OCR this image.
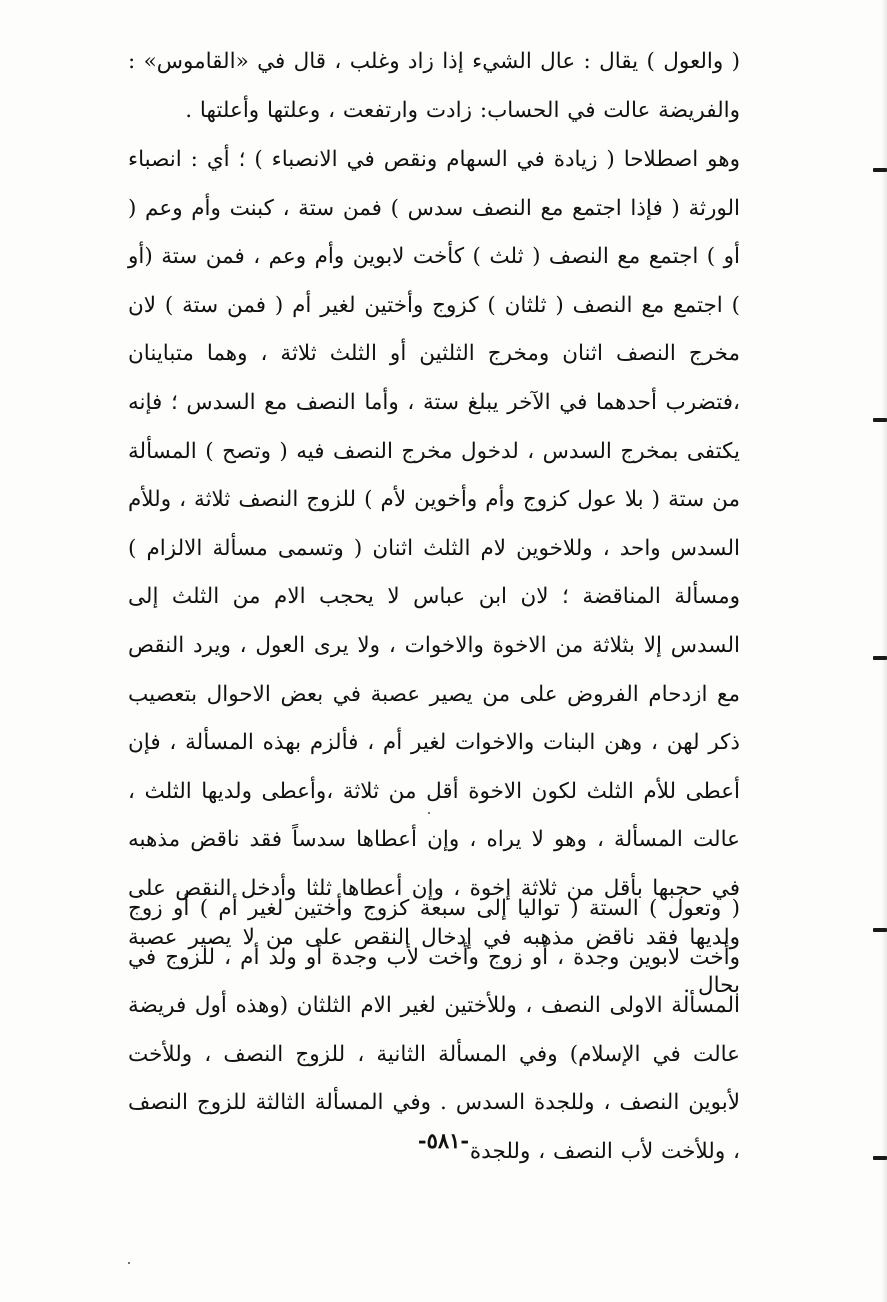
( والعول ) يقال : عال الشيء إذا زاد وغلب ، قال في «القاموس» : والفريضة عالت في الحساب: زادت وارتفعت ، وعلتها وأعلتها .

وهو اصطلاحا ( زيادة في السهام ونقص في الانصباء ) ؛ أي : انصباء الورثة ( فإذا اجتمع مع النصف سدس ) فمن ستة ، كبنت وأم وعم ( أو ) اجتمع مع النصف ( ثلث ) كأخت لابوين وأم وعم ، فمن ستة (أو ) اجتمع مع النصف ( ثلثان ) كزوج وأختين لغير أم ( فمن ستة ) لان مخرج النصف اثنان ومخرج الثلثين أو الثلث ثلاثة ، وهما متباينان ،فتضرب أحدهما في الآخر يبلغ ستة ، وأما النصف مع السدس ؛ فإنه يكتفى بمخرج السدس ، لدخول مخرج النصف فيه ( وتصح ) المسألة من ستة ( بلا عول كزوج وأم وأخوين لأم ) للزوج النصف ثلاثة ، وللأم السدس واحد ، وللاخوين لام الثلث اثنان ( وتسمى مسألة الالزام ) ومسألة المناقضة ؛ لان ابن عباس لا يحجب الام من الثلث إلى السدس إلا بثلاثة من الاخوة والاخوات ، ولا يرى العول ، ويرد النقص مع ازدحام الفروض على من يصير عصبة في بعض الاحوال بتعصيب ذكر لهن ، وهن البنات والاخوات لغير أم ، فألزم بهذه المسألة ، فإن أعطى للأم الثلث لكون الاخوة أقل من ثلاثة ،وأعطى ولديها الثلث ، عالت المسألة ، وهو لا يراه ، وإن أعطاها سدساً فقد ناقض مذهبه في حجبها بأقل من ثلاثة إخوة ، وإن أعطاها ثلثا وأدخل النقص على ولديها فقد ناقض مذهبه في إدخال النقص على من لا يصير عصبة بحال .

( وتعول ) الستة ( تواليا إلى سبعة كزوج وأختين لغير أم ) أو زوج وأخت لابوين وجدة ، أو زوج وأخت لأب وجدة أو ولد أم ، للزوج في المسألة الاولى النصف ، وللأختين لغير الام الثلثان (وهذه أول فريضة عالت في الإسلام) وفي المسألة الثانية ، للزوج النصف ، وللأخت لأبوين النصف ، وللجدة السدس . وفي المسألة الثالثة للزوج النصف ، وللأخت لأب النصف ، وللجدة

-٥٨١-
